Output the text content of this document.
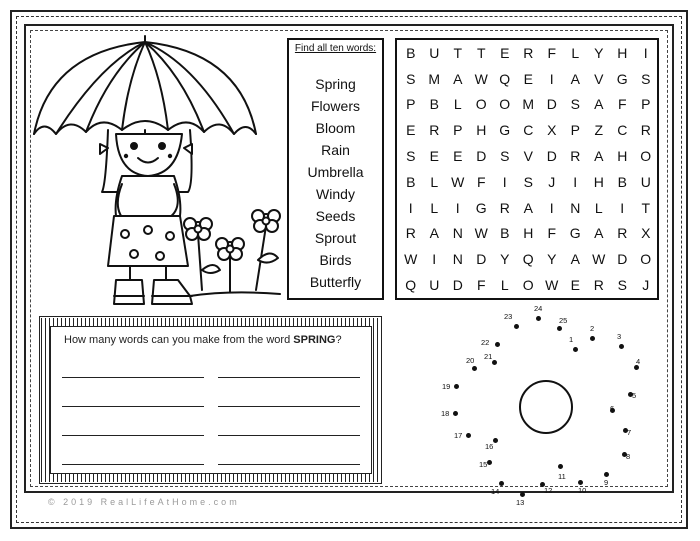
Find all ten words:
Spring
Flowers
Bloom
Rain
Umbrella
Windy
Seeds
Sprout
Birds
Butterfly
B U	T	T	E R	F	L	Y H	I
S M A W Q E	I	A	V G S
P	B	L	O O M D S	A	F	P
E R P H G C X	P	Z	C R
S	E	E D S	V D R A H O
B	L W F	I	S	J	I	H B U
I	L	I	G R A	I	N	L	I	T
R A N W B H	F G A R X
W	I	N D Y Q Y	A W D O
Q U D	F	L	O W E R S	J
How many words can you make from the word SPRING?	1
2
3
4
5
6
7
8
9
10
11
12
13
14
15
16
17
18
19
20 21
22
23
24
25
© 2019 RealLifeAtHome.com
